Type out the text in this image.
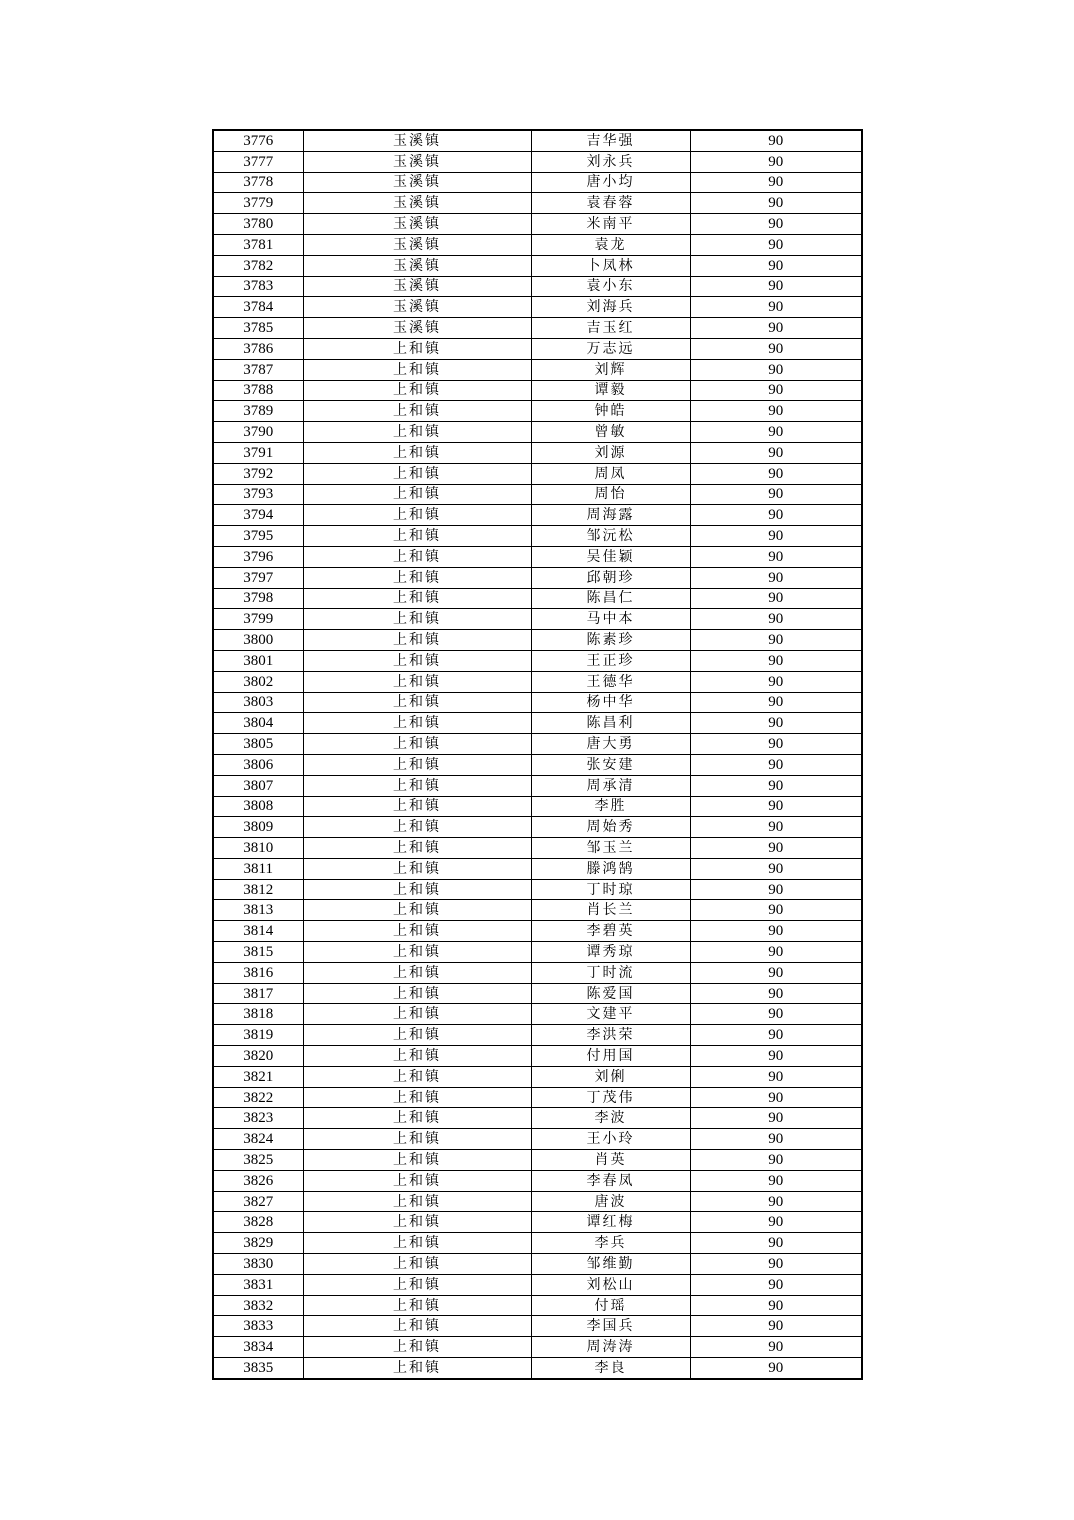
3776	玉溪镇	吉华强	90
3777	玉溪镇	刘永兵	90
3778	玉溪镇	唐小均	90
3779	玉溪镇	袁春蓉	90
3780	玉溪镇	米南平	90
3781	玉溪镇	袁龙	90
3782	玉溪镇	卜凤林	90
3783	玉溪镇	袁小东	90
3784	玉溪镇	刘海兵	90
3785	玉溪镇	吉玉红	90
3786	上和镇	万志远	90
3787	上和镇	刘辉	90
3788	上和镇	谭毅	90
3789	上和镇	钟皓	90
3790	上和镇	曾敏	90
3791	上和镇	刘源	90
3792	上和镇	周凤	90
3793	上和镇	周怡	90
3794	上和镇	周海露	90
3795	上和镇	邹沅松	90
3796	上和镇	吴佳颖	90
3797	上和镇	邱朝珍	90
3798	上和镇	陈昌仁	90
3799	上和镇	马中本	90
3800	上和镇	陈素珍	90
3801	上和镇	王正珍	90
3802	上和镇	王德华	90
3803	上和镇	杨中华	90
3804	上和镇	陈昌利	90
3805	上和镇	唐大勇	90
3806	上和镇	张安建	90
3807	上和镇	周承清	90
3808	上和镇	李胜	90
3809	上和镇	周始秀	90
3810	上和镇	邹玉兰	90
3811	上和镇	滕鸿鹄	90
3812	上和镇	丁时琼	90
3813	上和镇	肖长兰	90
3814	上和镇	李碧英	90
3815	上和镇	谭秀琼	90
3816	上和镇	丁时流	90
3817	上和镇	陈爱国	90
3818	上和镇	文建平	90
3819	上和镇	李洪荣	90
3820	上和镇	付用国	90
3821	上和镇	刘俐	90
3822	上和镇	丁茂伟	90
3823	上和镇	李波	90
3824	上和镇	王小玲	90
3825	上和镇	肖英	90
3826	上和镇	李春凤	90
3827	上和镇	唐波	90
3828	上和镇	谭红梅	90
3829	上和镇	李兵	90
3830	上和镇	邹维勤	90
3831	上和镇	刘松山	90
3832	上和镇	付瑶	90
3833	上和镇	李国兵	90
3834	上和镇	周涛涛	90
3835	上和镇	李良	90
